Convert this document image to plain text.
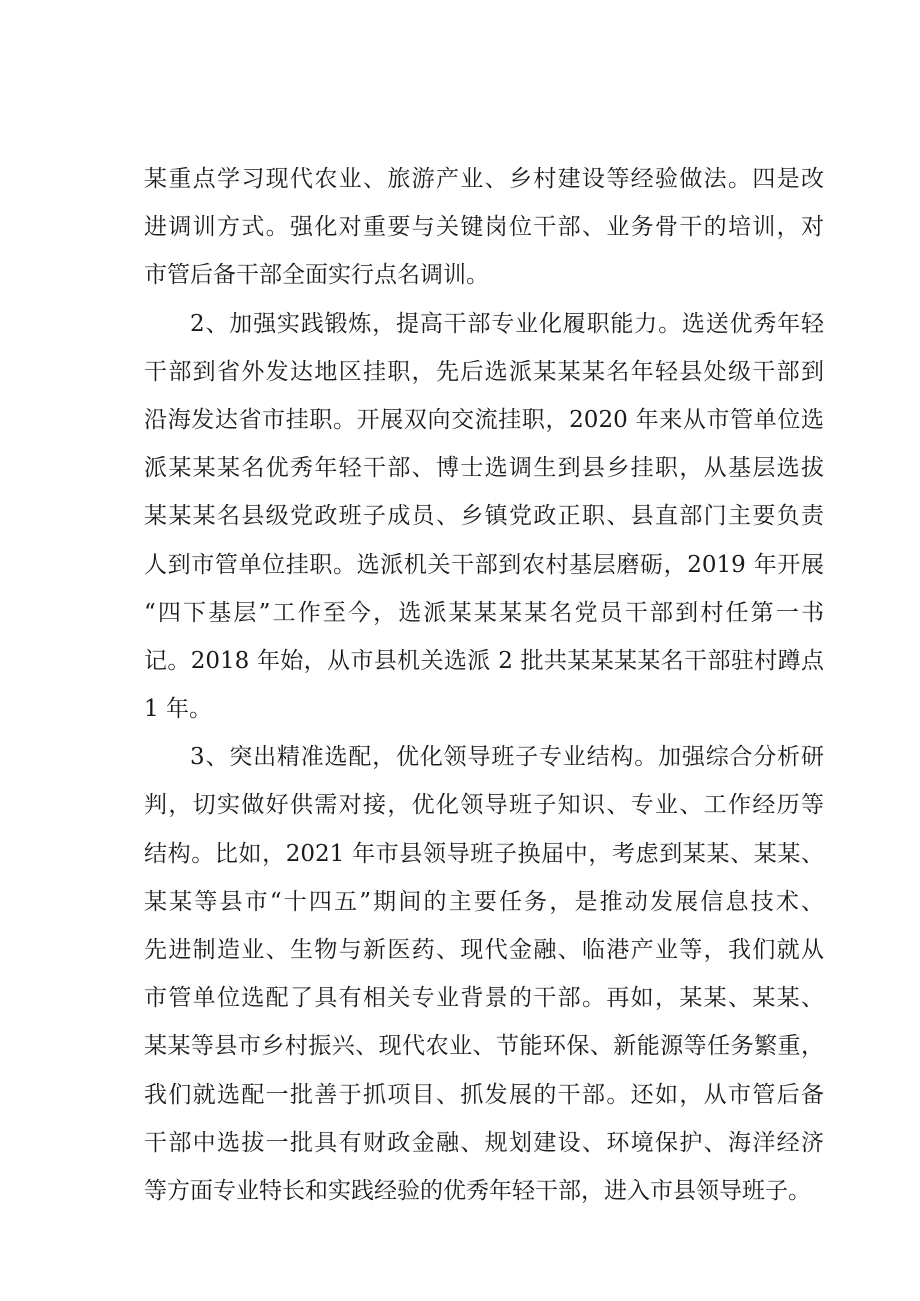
某重点学习现代农业、旅游产业、乡村建设等经验做法。四是改
进调训方式。强化对重要与关键岗位干部、业务骨干的培训，对
市管后备干部全面实行点名调训。
2、加强实践锻炼，提高干部专业化履职能力。选送优秀年轻
干部到省外发达地区挂职，先后选派某某某名年轻县处级干部到
沿海发达省市挂职。开展双向交流挂职，2020 年来从市管单位选
派某某某名优秀年轻干部、博士选调生到县乡挂职，从基层选拔
某某某名县级党政班子成员、乡镇党政正职、县直部门主要负责
人到市管单位挂职。选派机关干部到农村基层磨砺，2019 年开展
“四下基层”工作至今，选派某某某某名党员干部到村任第一书
记。2018 年始，从市县机关选派 2 批共某某某某名干部驻村蹲点
1 年。
3、突出精准选配，优化领导班子专业结构。加强综合分析研
判，切实做好供需对接，优化领导班子知识、专业、工作经历等
结构。比如，2021 年市县领导班子换届中，考虑到某某、某某、
某某等县市“十四五”期间的主要任务，是推动发展信息技术、
先进制造业、生物与新医药、现代金融、临港产业等，我们就从
市管单位选配了具有相关专业背景的干部。再如，某某、某某、
某某等县市乡村振兴、现代农业、节能环保、新能源等任务繁重，
我们就选配一批善于抓项目、抓发展的干部。还如，从市管后备
干部中选拔一批具有财政金融、规划建设、环境保护、海洋经济
等方面专业特长和实践经验的优秀年轻干部，进入市县领导班子。
